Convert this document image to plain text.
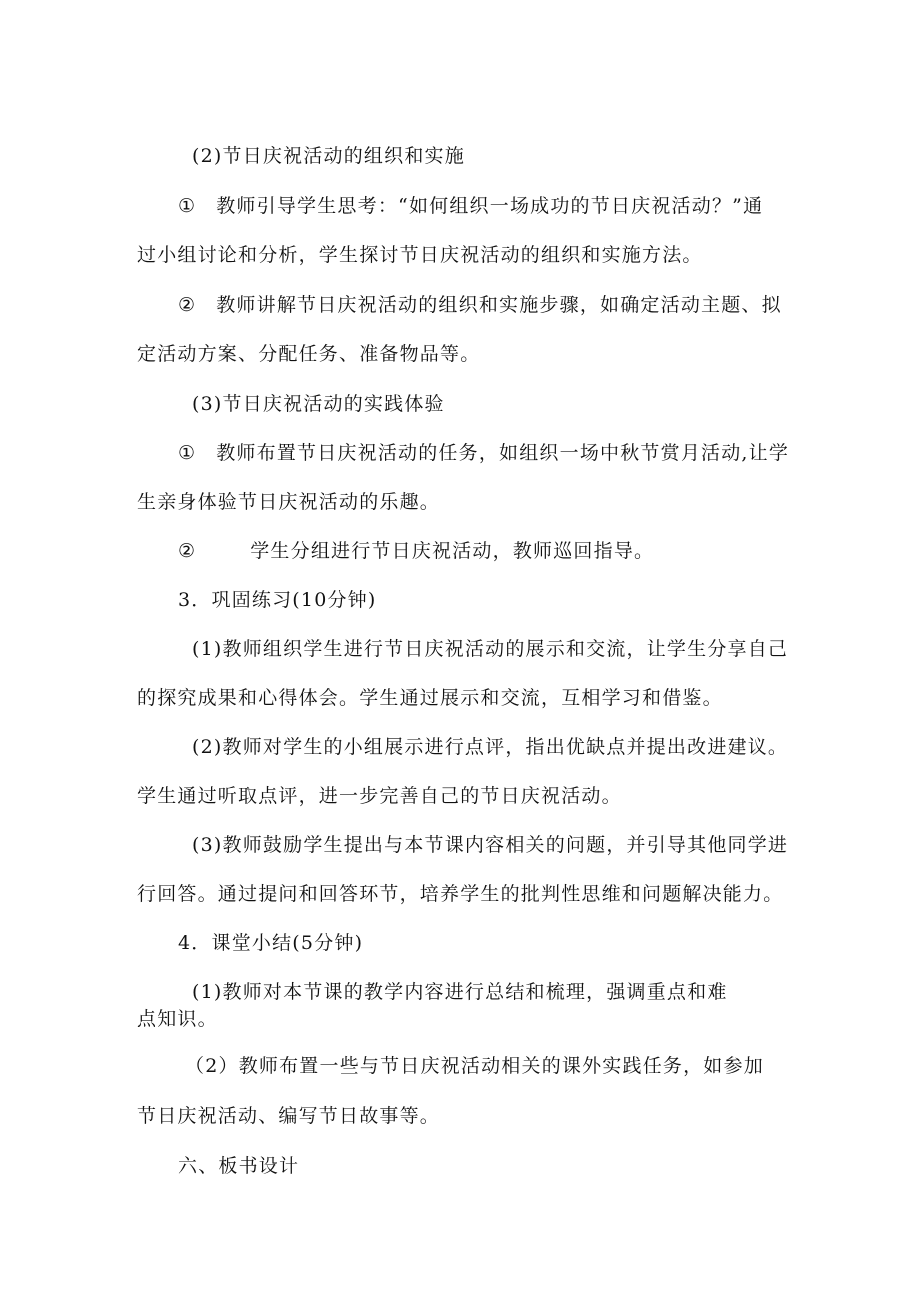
(2)节日庆祝活动的组织和实施
① 教师引导学生思考：“如何组织一场成功的节日庆祝活动？”通
过小组讨论和分析，学生探讨节日庆祝活动的组织和实施方法。
② 教师讲解节日庆祝活动的组织和实施步骤，如确定活动主题、拟
定活动方案、分配任务、准备物品等。
(3)节日庆祝活动的实践体验
① 教师布置节日庆祝活动的任务，如组织一场中秋节赏月活动,让学
生亲身体验节日庆祝活动的乐趣。
②	学生分组进行节日庆祝活动，教师巡回指导。
3．巩固练习(10分钟)
(1)教师组织学生进行节日庆祝活动的展示和交流，让学生分享自己
的探究成果和心得体会。学生通过展示和交流，互相学习和借鉴。
(2)教师对学生的小组展示进行点评，指出优缺点并提出改进建议。
学生通过听取点评，进一步完善自己的节日庆祝活动。
(3)教师鼓励学生提出与本节课内容相关的问题，并引导其他同学进
行回答。通过提问和回答环节，培养学生的批判性思维和问题解决能力。
4．课堂小结(5分钟)
(1)教师对本节课的教学内容进行总结和梳理，强调重点和难
点知识。
（2）教师布置一些与节日庆祝活动相关的课外实践任务，如参加
节日庆祝活动、编写节日故事等。
六、板书设计
